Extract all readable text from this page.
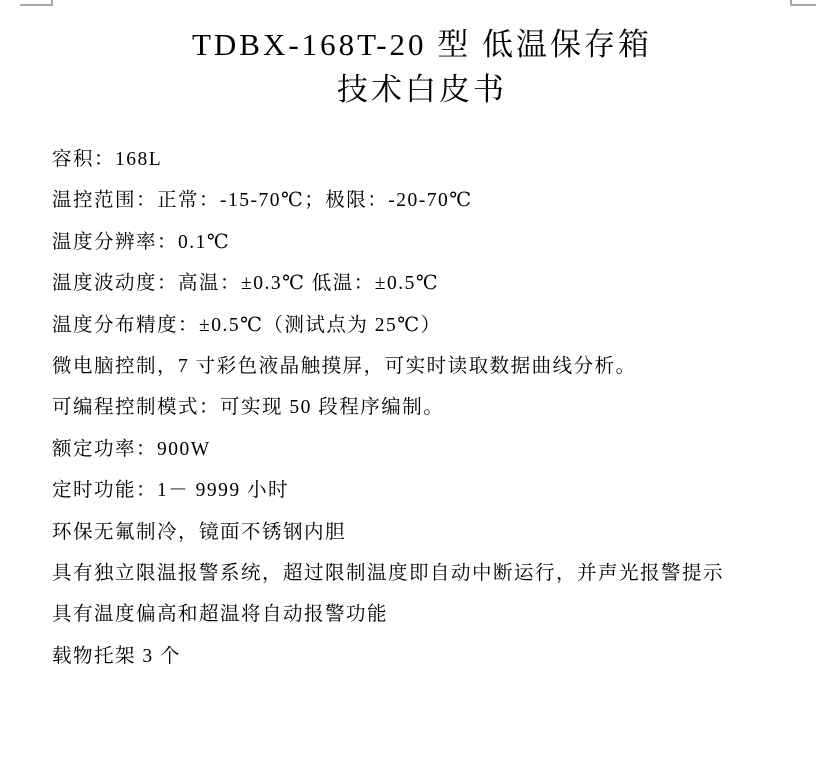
TDBX-168T-20 型 低温保存箱
技术白皮书
容积：168L
温控范围：正常：-15-70℃；极限：-20-70℃
温度分辨率：0.1℃
温度波动度：高温：±0.3℃ 低温：±0.5℃
温度分布精度：±0.5℃（测试点为 25℃）
微电脑控制，7 寸彩色液晶触摸屏，可实时读取数据曲线分析。
可编程控制模式：可实现 50 段程序编制。
额定功率：900W
定时功能：1－ 9999 小时
环保无氟制冷，镜面不锈钢内胆
具有独立限温报警系统，超过限制温度即自动中断运行，并声光报警提示
具有温度偏高和超温将自动报警功能
载物托架 3 个
